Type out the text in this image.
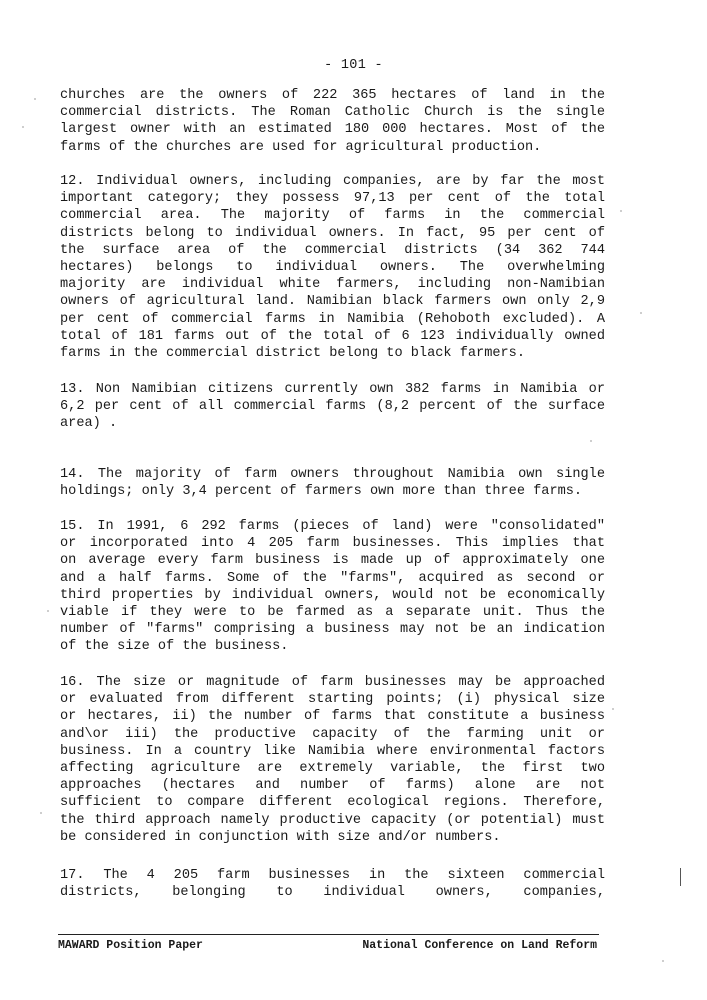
- 101 -
churches are the owners of 222 365 hectares of land in the
commercial districts. The Roman Catholic Church is the single
largest owner with an estimated 180 000 hectares. Most of the
farms of the churches are used for agricultural production.
12. Individual owners, including companies, are by far the most
important category; they possess 97,13 per cent of the total
commercial area. The majority of farms in the commercial
districts belong to individual owners. In fact, 95 per cent of
the surface area of the commercial districts (34 362 744
hectares) belongs to individual owners. The overwhelming
majority are individual white farmers, including non-Namibian
owners of agricultural land. Namibian black farmers own only 2,9
per cent of commercial farms in Namibia (Rehoboth excluded). A
total of 181 farms out of the total of 6 123 individually owned
farms in the commercial district belong to black farmers.
13. Non Namibian citizens currently own 382 farms in Namibia or
6,2 per cent of all commercial farms (8,2 percent of the surface
area) .
14. The majority of farm owners throughout Namibia own single
holdings; only 3,4 percent of farmers own more than three farms.
15. In 1991, 6 292 farms (pieces of land) were "consolidated"
or incorporated into 4 205 farm businesses. This implies that
on average every farm business is made up of approximately one
and a half farms. Some of the "farms", acquired as second or
third properties by individual owners, would not be economically
viable if they were to be farmed as a separate unit. Thus the
number of "farms" comprising a business may not be an indication
of the size of the business.
16. The size or magnitude of farm businesses may be approached
or evaluated from different starting points; (i) physical size
or hectares, ii) the number of farms that constitute a business
and\or iii) the productive capacity of the farming unit or
business. In a country like Namibia where environmental factors
affecting agriculture are extremely variable, the first two
approaches (hectares and number of farms) alone are not
sufficient to compare different ecological regions. Therefore,
the third approach namely productive capacity (or potential) must
be considered in conjunction with size and/or numbers.
17. The 4 205 farm businesses in the sixteen commercial
districts, belonging to individual owners, companies,
MAWARD Position Paper	National Conference on Land Reform
